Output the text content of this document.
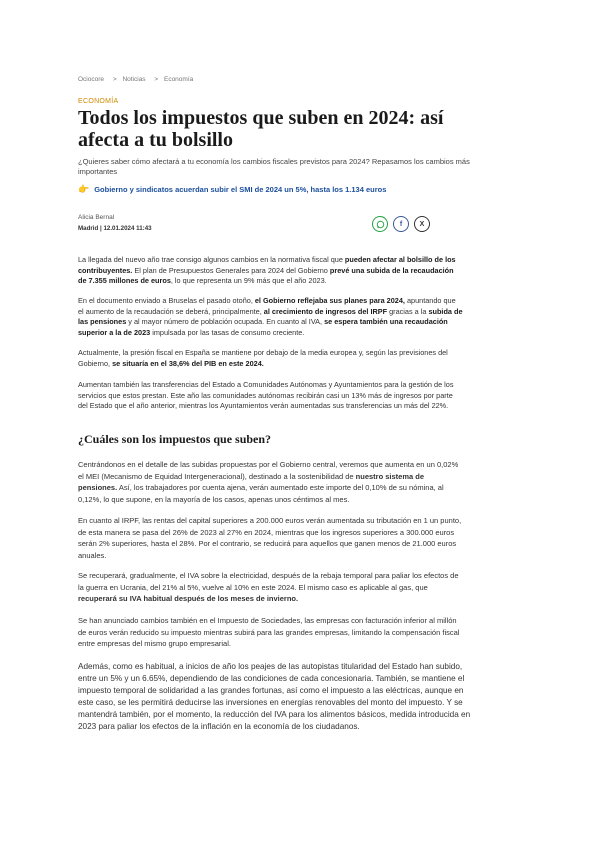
Ociocore > Noticias > Economía
ECONOMÍA
Todos los impuestos que suben en 2024: así afecta a tu bolsillo

¿Quieres saber cómo afectará a tu economía los cambios fiscales previstos para 2024? Repasamos los cambios más importantes

👉 Gobierno y sindicatos acuerdan subir el SMI de 2024 un 5%, hasta los 1.134 euros
Alicia Bernal
Madrid | 12.01.2024 11:43
f X

La llegada del nuevo año trae consigo algunos cambios en la normativa fiscal que pueden afectar al bolsillo de los contribuyentes. El plan de Presupuestos Generales para 2024 del Gobierno prevé una subida de la recaudación de 7.355 millones de euros, lo que representa un 9% más que el año 2023.

En el documento enviado a Bruselas el pasado otoño, el Gobierno reflejaba sus planes para 2024, apuntando que el aumento de la recaudación se deberá, principalmente, al crecimiento de ingresos del IRPF gracias a la subida de las pensiones y al mayor número de población ocupada. En cuanto al IVA, se espera también una recaudación superior a la de 2023 impulsada por las tasas de consumo creciente.

Actualmente, la presión fiscal en España se mantiene por debajo de la media europea y, según las previsiones del Gobierno, se situaría en el 38,6% del PIB en este 2024.

Aumentan también las transferencias del Estado a Comunidades Autónomas y Ayuntamientos para la gestión de los servicios que estos prestan. Este año las comunidades autónomas recibirán casi un 13% más de ingresos por parte del Estado que el año anterior, mientras los Ayuntamientos verán aumentadas sus transferencias un más del 22%.

¿Cuáles son los impuestos que suben?

Centrándonos en el detalle de las subidas propuestas por el Gobierno central, veremos que aumenta en un 0,02% el MEI (Mecanismo de Equidad Intergeneracional), destinado a la sostenibilidad de nuestro sistema de pensiones. Así, los trabajadores por cuenta ajena, verán aumentado este importe del 0,10% de su nómina, al 0,12%, lo que supone, en la mayoría de los casos, apenas unos céntimos al mes.

En cuanto al IRPF, las rentas del capital superiores a 200.000 euros verán aumentada su tributación en 1 un punto, de esta manera se pasa del 26% de 2023 al 27% en 2024, mientras que los ingresos superiores a 300.000 euros serán 2% superiores, hasta el 28%. Por el contrario, se reducirá para aquellos que ganen menos de 21.000 euros anuales.

Se recuperará, gradualmente, el IVA sobre la electricidad, después de la rebaja temporal para paliar los efectos de la guerra en Ucrania, del 21% al 5%, vuelve al 10% en este 2024. El mismo caso es aplicable al gas, que recuperará su IVA habitual después de los meses de invierno.

Se han anunciado cambios también en el Impuesto de Sociedades, las empresas con facturación inferior al millón de euros verán reducido su impuesto mientras subirá para las grandes empresas, limitando la compensación fiscal entre empresas del mismo grupo empresarial.

Además, como es habitual, a inicios de año los peajes de las autopistas titularidad del Estado han subido, entre un 5% y un 6.65%, dependiendo de las condiciones de cada concesionaria. También, se mantiene el impuesto temporal de solidaridad a las grandes fortunas, así como el impuesto a las eléctricas, aunque en este caso, se les permitirá deducirse las inversiones en energías renovables del monto del impuesto. Y se mantendrá también, por el momento, la reducción del IVA para los alimentos básicos, medida introducida en 2023 para paliar los efectos de la inflación en la economía de los ciudadanos.
